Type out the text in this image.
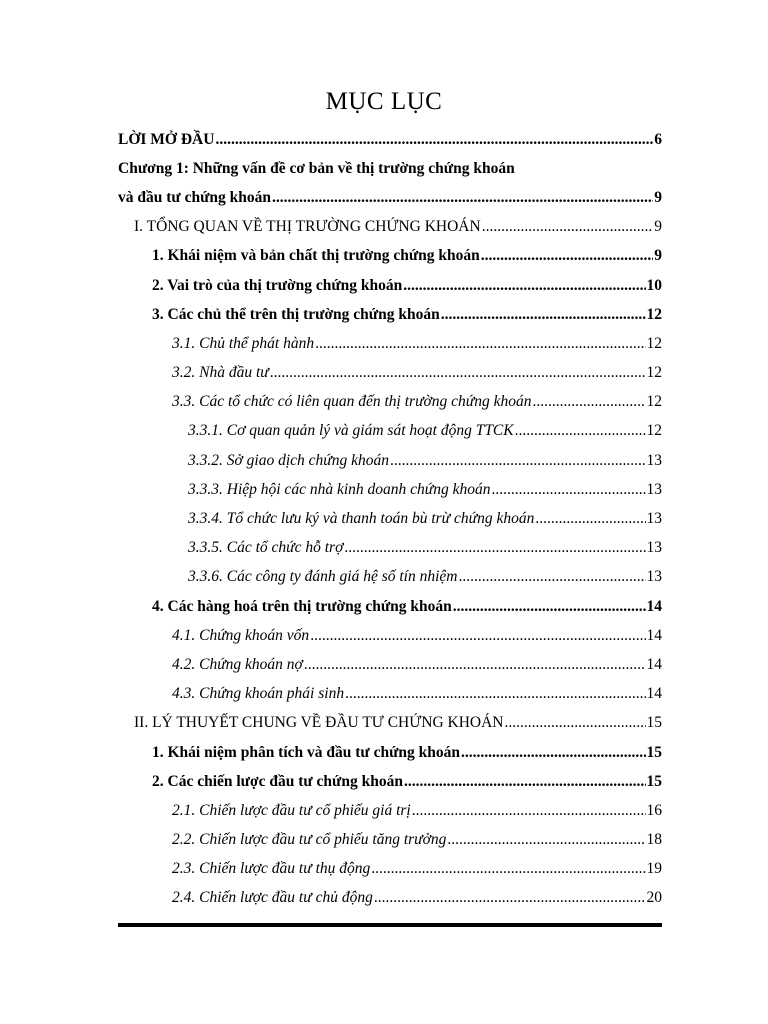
MỤC LỤC
LỜI MỞ ĐẦU .....	6
Chương 1: Những vấn đề cơ bản về thị trường chứng khoán
và đầu tư chứng khoán .....	9
I. TỔNG QUAN VỀ THỊ TRƯỜNG CHỨNG KHOÁN .....	9
1. Khái niệm và bản chất thị trường chứng khoán .....	9
2. Vai trò của thị trường chứng khoán .....	10
3. Các chủ thể trên thị trường chứng khoán .....	12
3.1. Chủ thể phát hành .....	12
3.2. Nhà đầu tư .....	12
3.3. Các tổ chức có liên quan đến thị trường chứng khoán .....	12
3.3.1. Cơ quan quản lý và giám sát hoạt động TTCK .....	12
3.3.2. Sở giao dịch chứng khoán .....	13
3.3.3. Hiệp hội các nhà kinh doanh chứng khoán .....	13
3.3.4. Tổ chức lưu ký và thanh toán bù trừ chứng khoán .....	13
3.3.5. Các tổ chức hỗ trợ .....	13
3.3.6. Các công ty đánh giá hệ số tín nhiệm .....	13
4. Các hàng hoá trên thị trường chứng khoán .....	14
4.1. Chứng khoán vốn .....	14
4.2. Chứng khoán nợ .....	14
4.3. Chứng khoán phái sinh .....	14
II. LÝ THUYẾT CHUNG VỀ ĐẦU TƯ CHỨNG KHOÁN .....	15
1. Khái niệm phân tích và đầu tư chứng khoán .....	15
2. Các chiến lược đầu tư chứng khoán .....	15
2.1. Chiến lược đầu tư cổ phiếu giá trị .....	16
2.2. Chiến lược đầu tư cổ phiếu tăng trưởng .....	18
2.3. Chiến lược đầu tư thụ động .....	19
2.4. Chiến lược đầu tư chủ động .....	20
